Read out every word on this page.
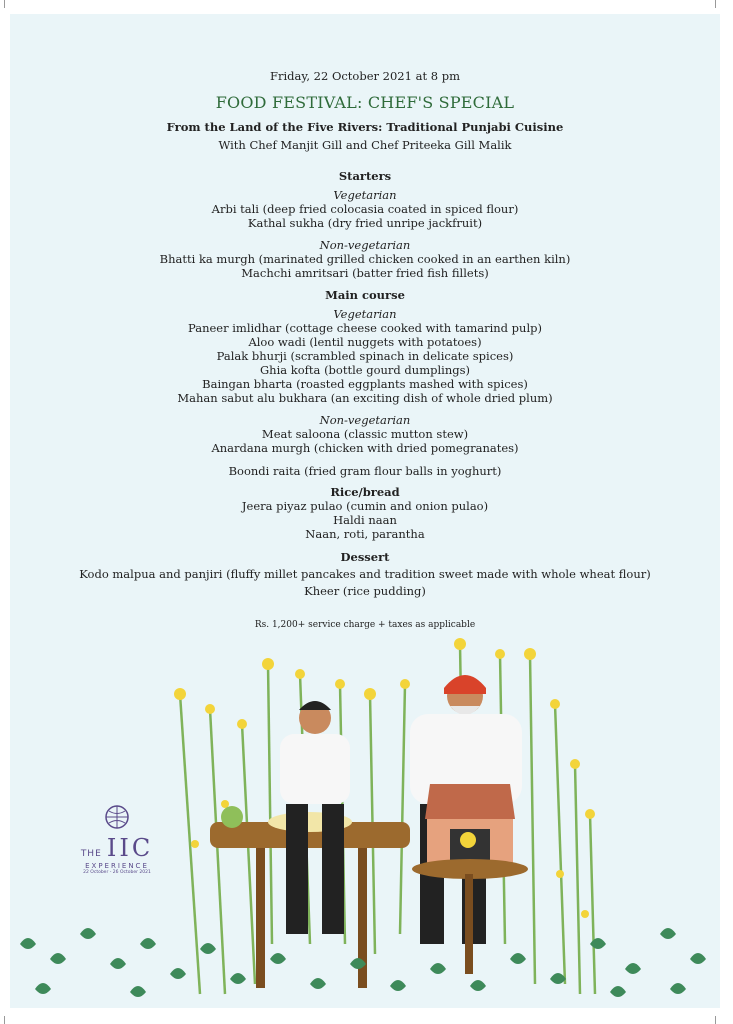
Friday, 22 October 2021 at 8 pm
FOOD FESTIVAL: CHEF'S SPECIAL
From the Land of the Five Rivers: Traditional Punjabi Cuisine
With Chef Manjit Gill and Chef Priteeka Gill Malik
Starters
Vegetarian
Arbi tali (deep fried colocasia coated in spiced flour)
Kathal sukha (dry fried unripe jackfruit)
Non-vegetarian
Bhatti ka murgh (marinated grilled chicken cooked in an earthen kiln)
Machchi amritsari (batter fried fish fillets)
Main course
Vegetarian
Paneer imlidhar (cottage cheese cooked with tamarind pulp)
Aloo wadi (lentil nuggets with potatoes)
Palak bhurji (scrambled spinach in delicate spices)
Ghia kofta (bottle gourd dumplings)
Baingan bharta (roasted eggplants mashed with spices)
Mahan sabut alu bukhara (an exciting dish of whole dried plum)
Non-vegetarian
Meat saloona (classic mutton stew)
Anardana murgh (chicken with dried pomegranates)
Boondi raita (fried gram flour balls in yoghurt)
Rice/bread
Jeera piyaz pulao (cumin and onion pulao)
Haldi naan
Naan, roti, parantha
Dessert
Kodo malpua and panjiri (fluffy millet pancakes and tradition sweet made with whole wheat flour)
Kheer (rice pudding)
Rs. 1,200+ service charge + taxes as applicable
THE IIC
EXPERIENCE
22 October - 26 October 2021
